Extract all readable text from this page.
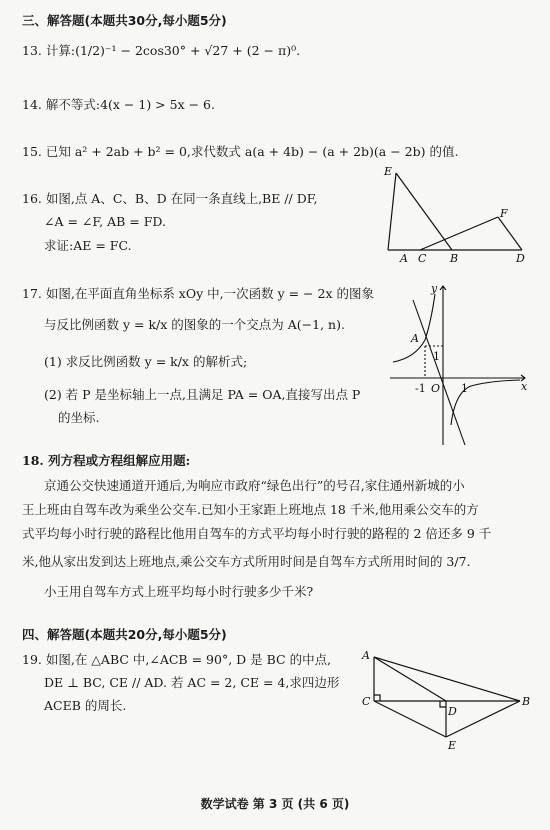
三、解答题(本题共30分,每小题5分)
13. 计算:(1/2)⁻¹ − 2cos30° + √27 + (2 − π)⁰.
14. 解不等式:4(x − 1) > 5x − 6.
15. 已知 a² + 2ab + b² = 0,求代数式 a(a + 4b) − (a + 2b)(a − 2b) 的值.
16. 如图,点 A、C、B、D 在同一条直线上,BE // DF,
∠A = ∠F, AB = FD.
求证:AE = FC.
E
F
A C B	D
17. 如图,在平面直角坐标系 xOy 中,一次函数 y = − 2x 的图象
与反比例函数 y = k/x 的图象的一个交点为 A(−1, n).
(1) 求反比例函数 y = k/x 的解析式;
(2) 若 P 是坐标轴上一点,且满足 PA = OA,直接写出点 P
的坐标.
y
x
A
O
1
-1	1
18. 列方程或方程组解应用题:
京通公交快速通道开通后,为响应市政府“绿色出行”的号召,家住通州新城的小
王上班由自驾车改为乘坐公交车.已知小王家距上班地点 18 千米,他用乘公交车的方
式平均每小时行驶的路程比他用自驾车的方式平均每小时行驶的路程的 2 倍还多 9 千
米,他从家出发到达上班地点,乘公交车方式所用时间是自驾车方式所用时间的 3/7.
小王用自驾车方式上班平均每小时行驶多少千米?
四、解答题(本题共20分,每小题5分)
19. 如图,在 △ABC 中,∠ACB = 90°, D 是 BC 的中点,
DE ⊥ BC, CE // AD. 若 AC = 2, CE = 4,求四边形
ACEB 的周长.
A
C
D
B
E
数学试卷 第 3 页 (共 6 页)
